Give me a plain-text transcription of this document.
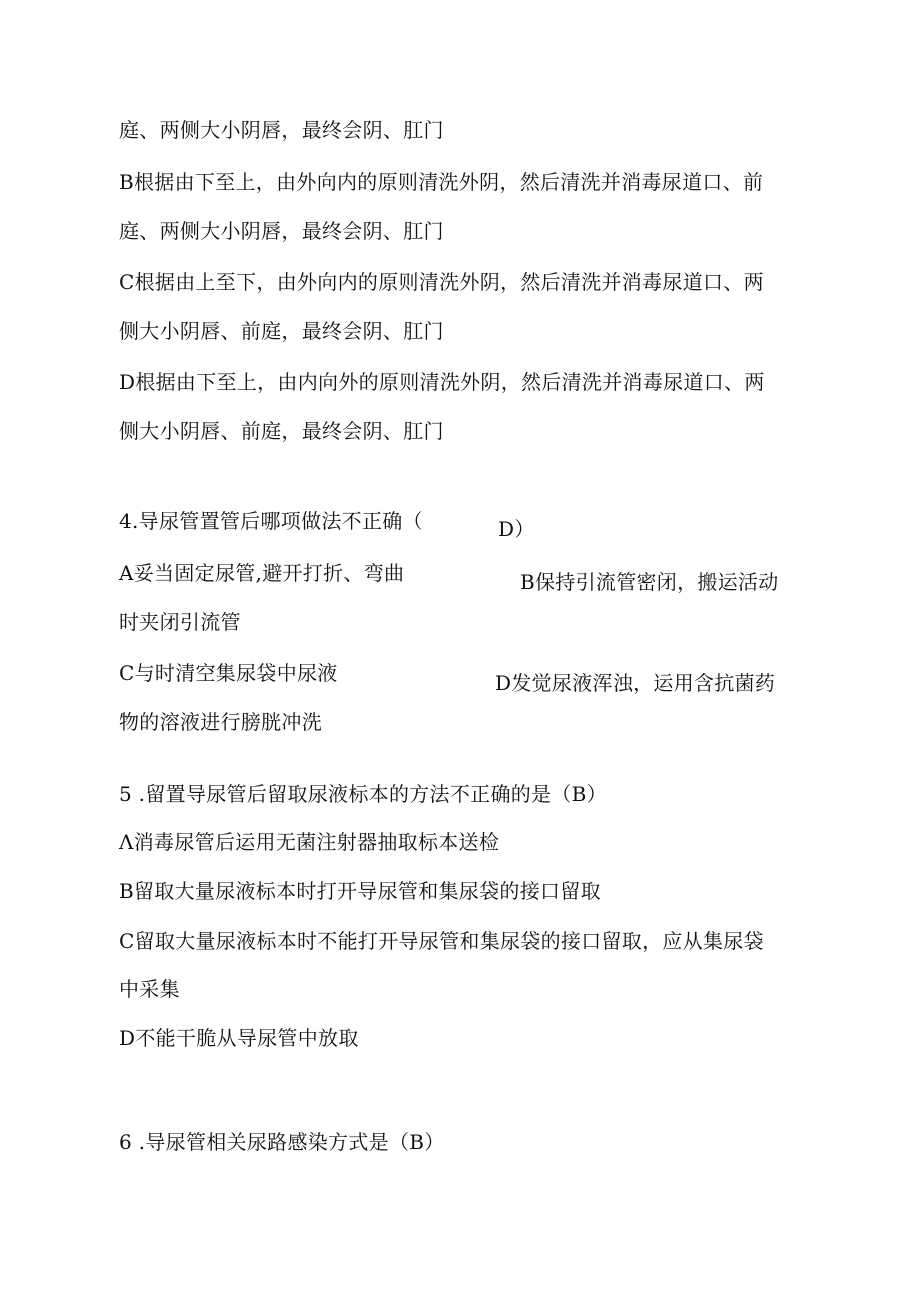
庭、两侧大小阴唇，最终会阴、肛门
B根据由下至上，由外向内的原则清洗外阴，然后清洗并消毒尿道口、前
庭、两侧大小阴唇，最终会阴、肛门
C根据由上至下，由外向内的原则清洗外阴，然后清洗并消毒尿道口、两
侧大小阴唇、前庭，最终会阴、肛门
D根据由下至上，由内向外的原则清洗外阴，然后清洗并消毒尿道口、两
侧大小阴唇、前庭，最终会阴、肛门
4.导尿管置管后哪项做法不正确（	D）
A妥当固定尿管,避开打折、弯曲	B保持引流管密闭，搬运活动
时夹闭引流管
C与时清空集尿袋中尿液	D发觉尿液浑浊，运用含抗菌药
物的溶液进行膀胱冲洗
5 .留置导尿管后留取尿液标本的方法不正确的是（B）
Λ消毒尿管后运用无菌注射器抽取标本送检
B留取大量尿液标本时打开导尿管和集尿袋的接口留取
C留取大量尿液标本时不能打开导尿管和集尿袋的接口留取，应从集尿袋
中采集
D不能干脆从导尿管中放取
6 .导尿管相关尿路感染方式是（B）
